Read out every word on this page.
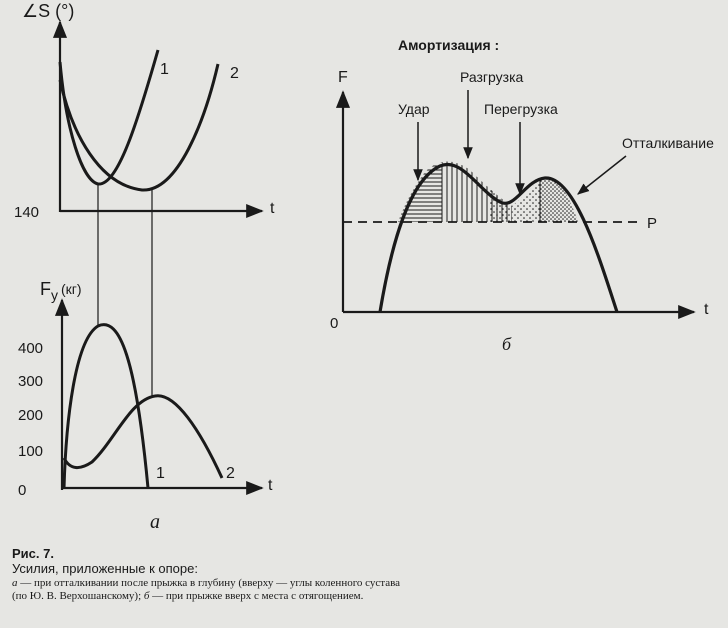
∠S (°)
140	t
1	2
$F_y$ $^{(кг)}$
400
300
200
100
0	t
1	2
а
Амортизация :
F
t
0
P
Удар
Разгрузка
Перегрузка
Отталкивание
б
Рис. 7.
Усилия, приложенные к опоре:
а — при отталкивании после прыжка в глубину (вверху — углы коленного сустава
(по Ю. В. Верхошанскому); б — при прыжке вверх с места с отягощением.
